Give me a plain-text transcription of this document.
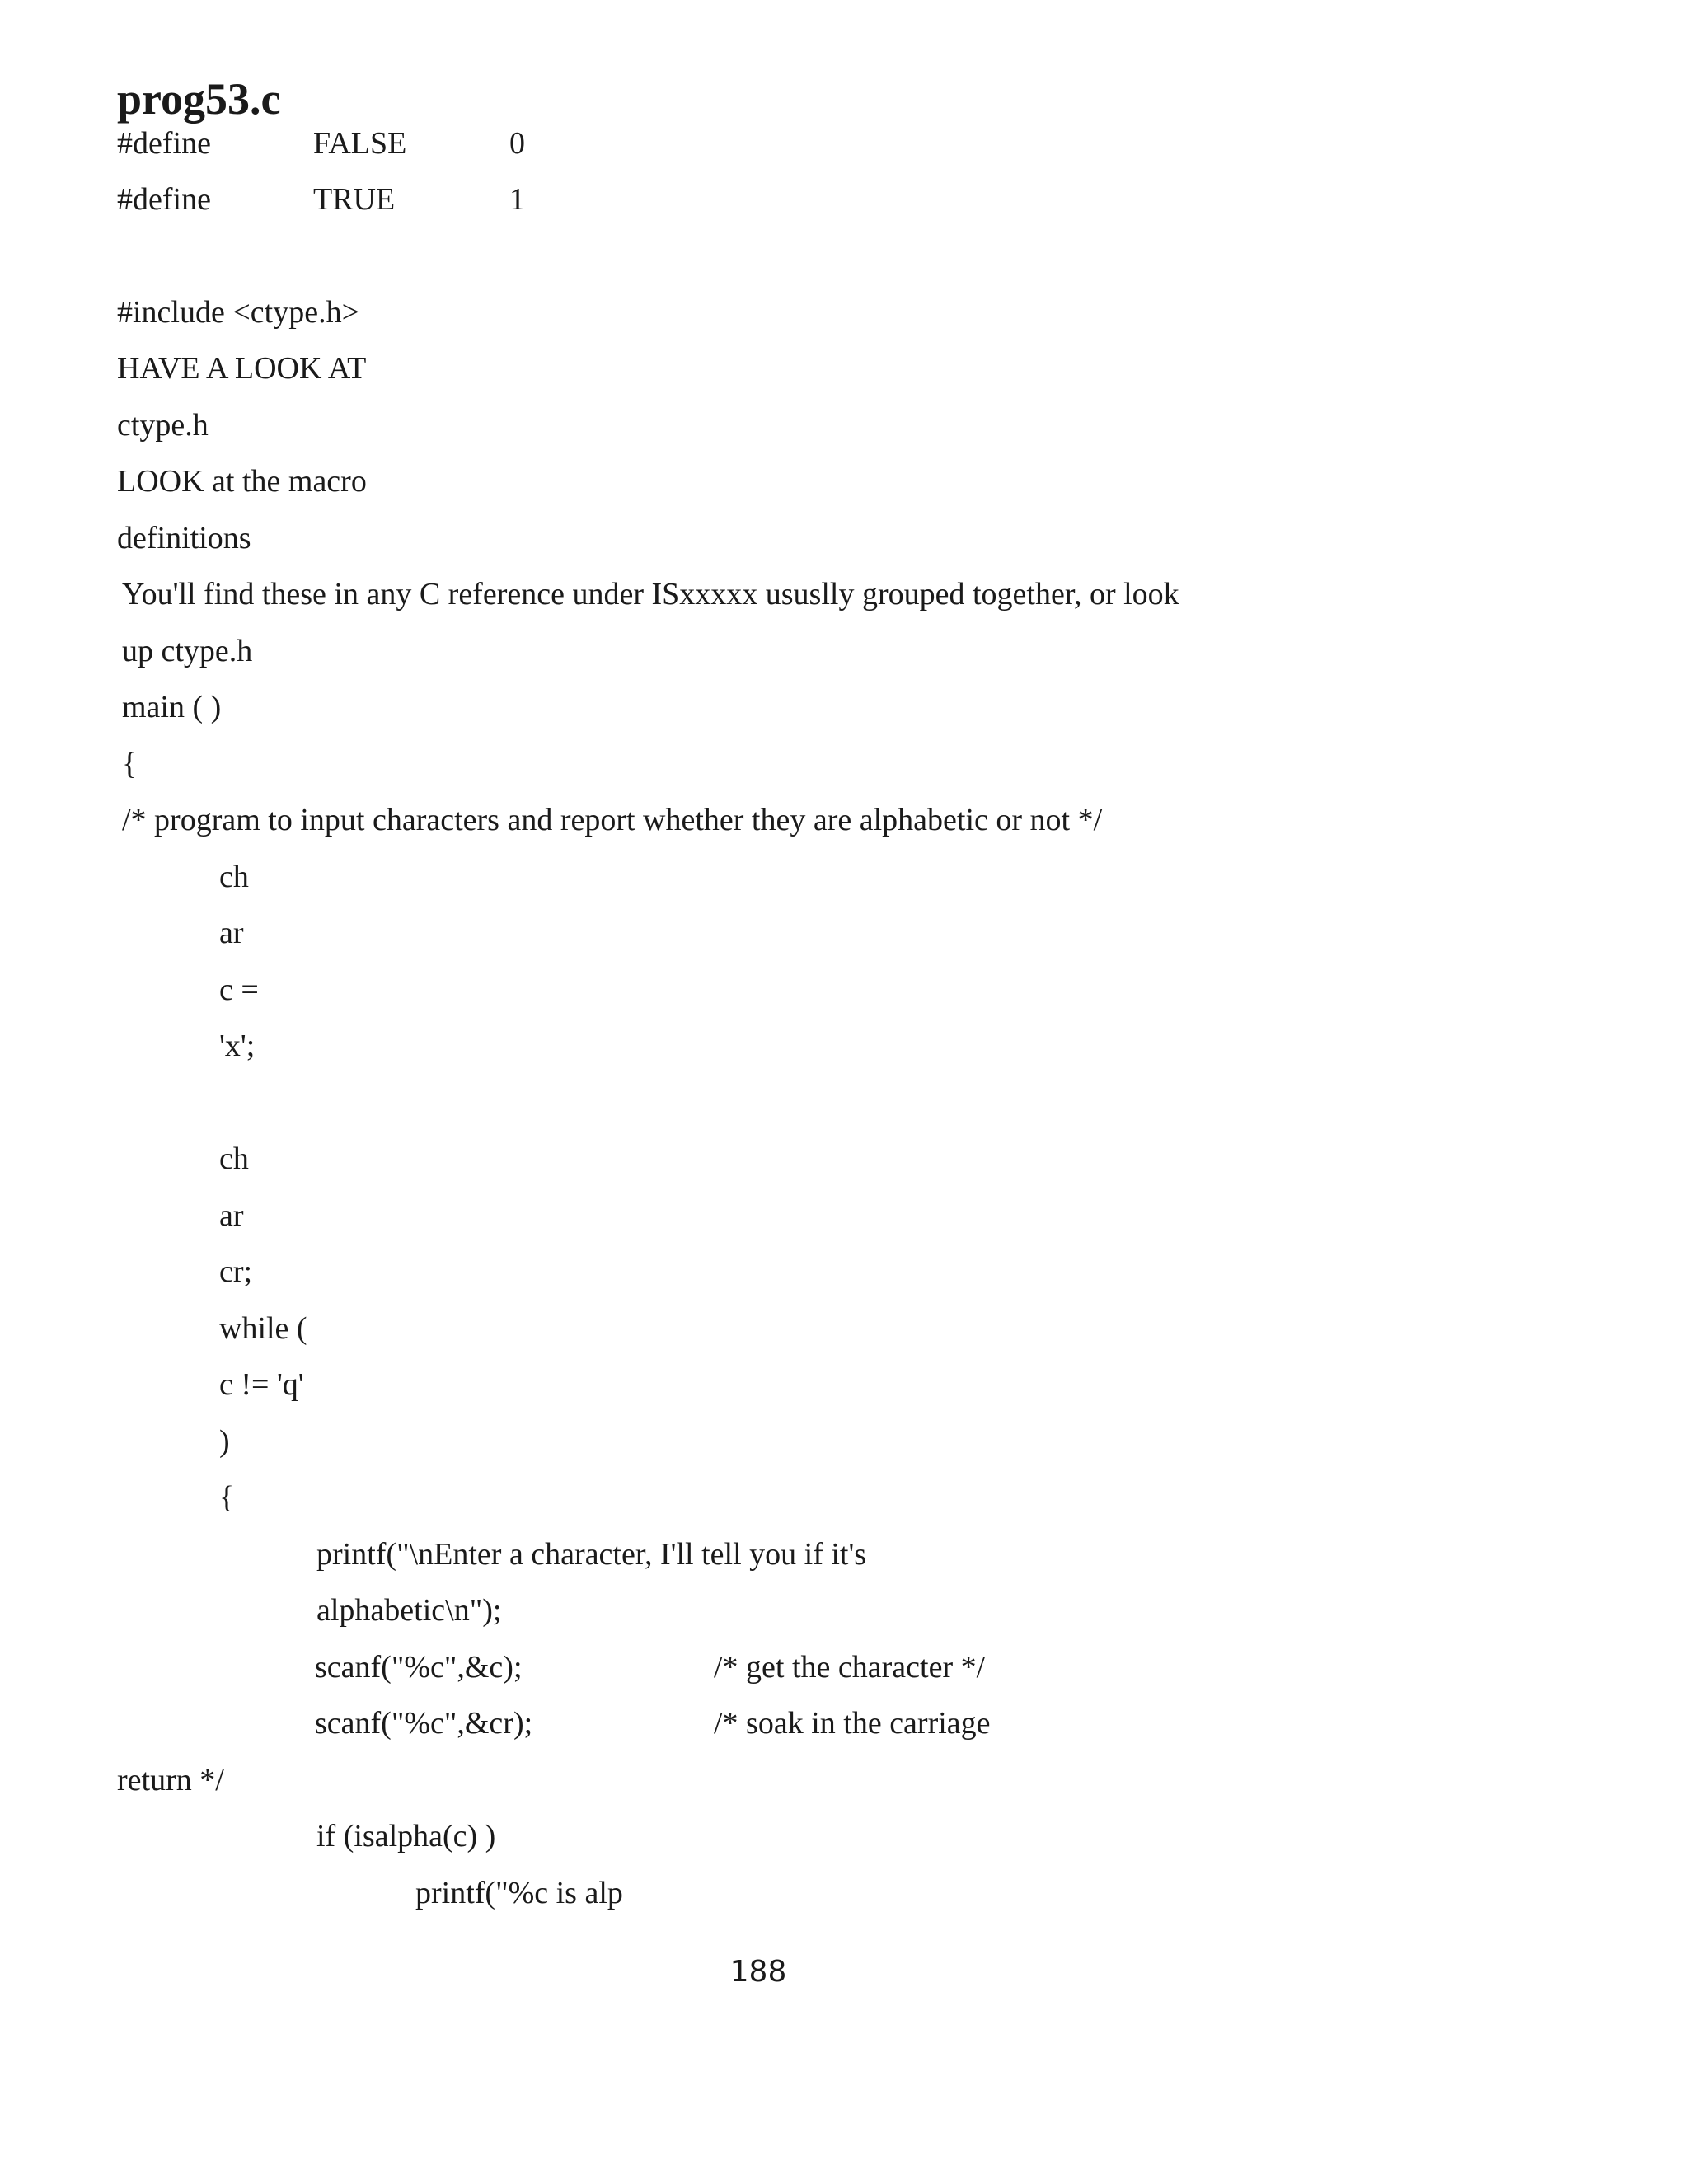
prog53.c
#define	FALSE	0
#define	TRUE	1
#include <ctype.h>
HAVE A LOOK AT
ctype.h
LOOK at the macro
definitions
You'll find these in any C reference under ISxxxxx ususlly grouped together, or look
up ctype.h
main ( )
{
/* program to input characters and report whether they are alphabetic or not */
ch
ar
c =
'x';
ch
ar
cr;
while (
c != 'q'
)
{
printf("\nEnter a character, I'll tell you if it's
alphabetic\n");
scanf("%c",&c);	/* get the character */
scanf("%c",&cr);	/* soak in the carriage
return */
if (isalpha(c) )
printf("%c is alp
188
